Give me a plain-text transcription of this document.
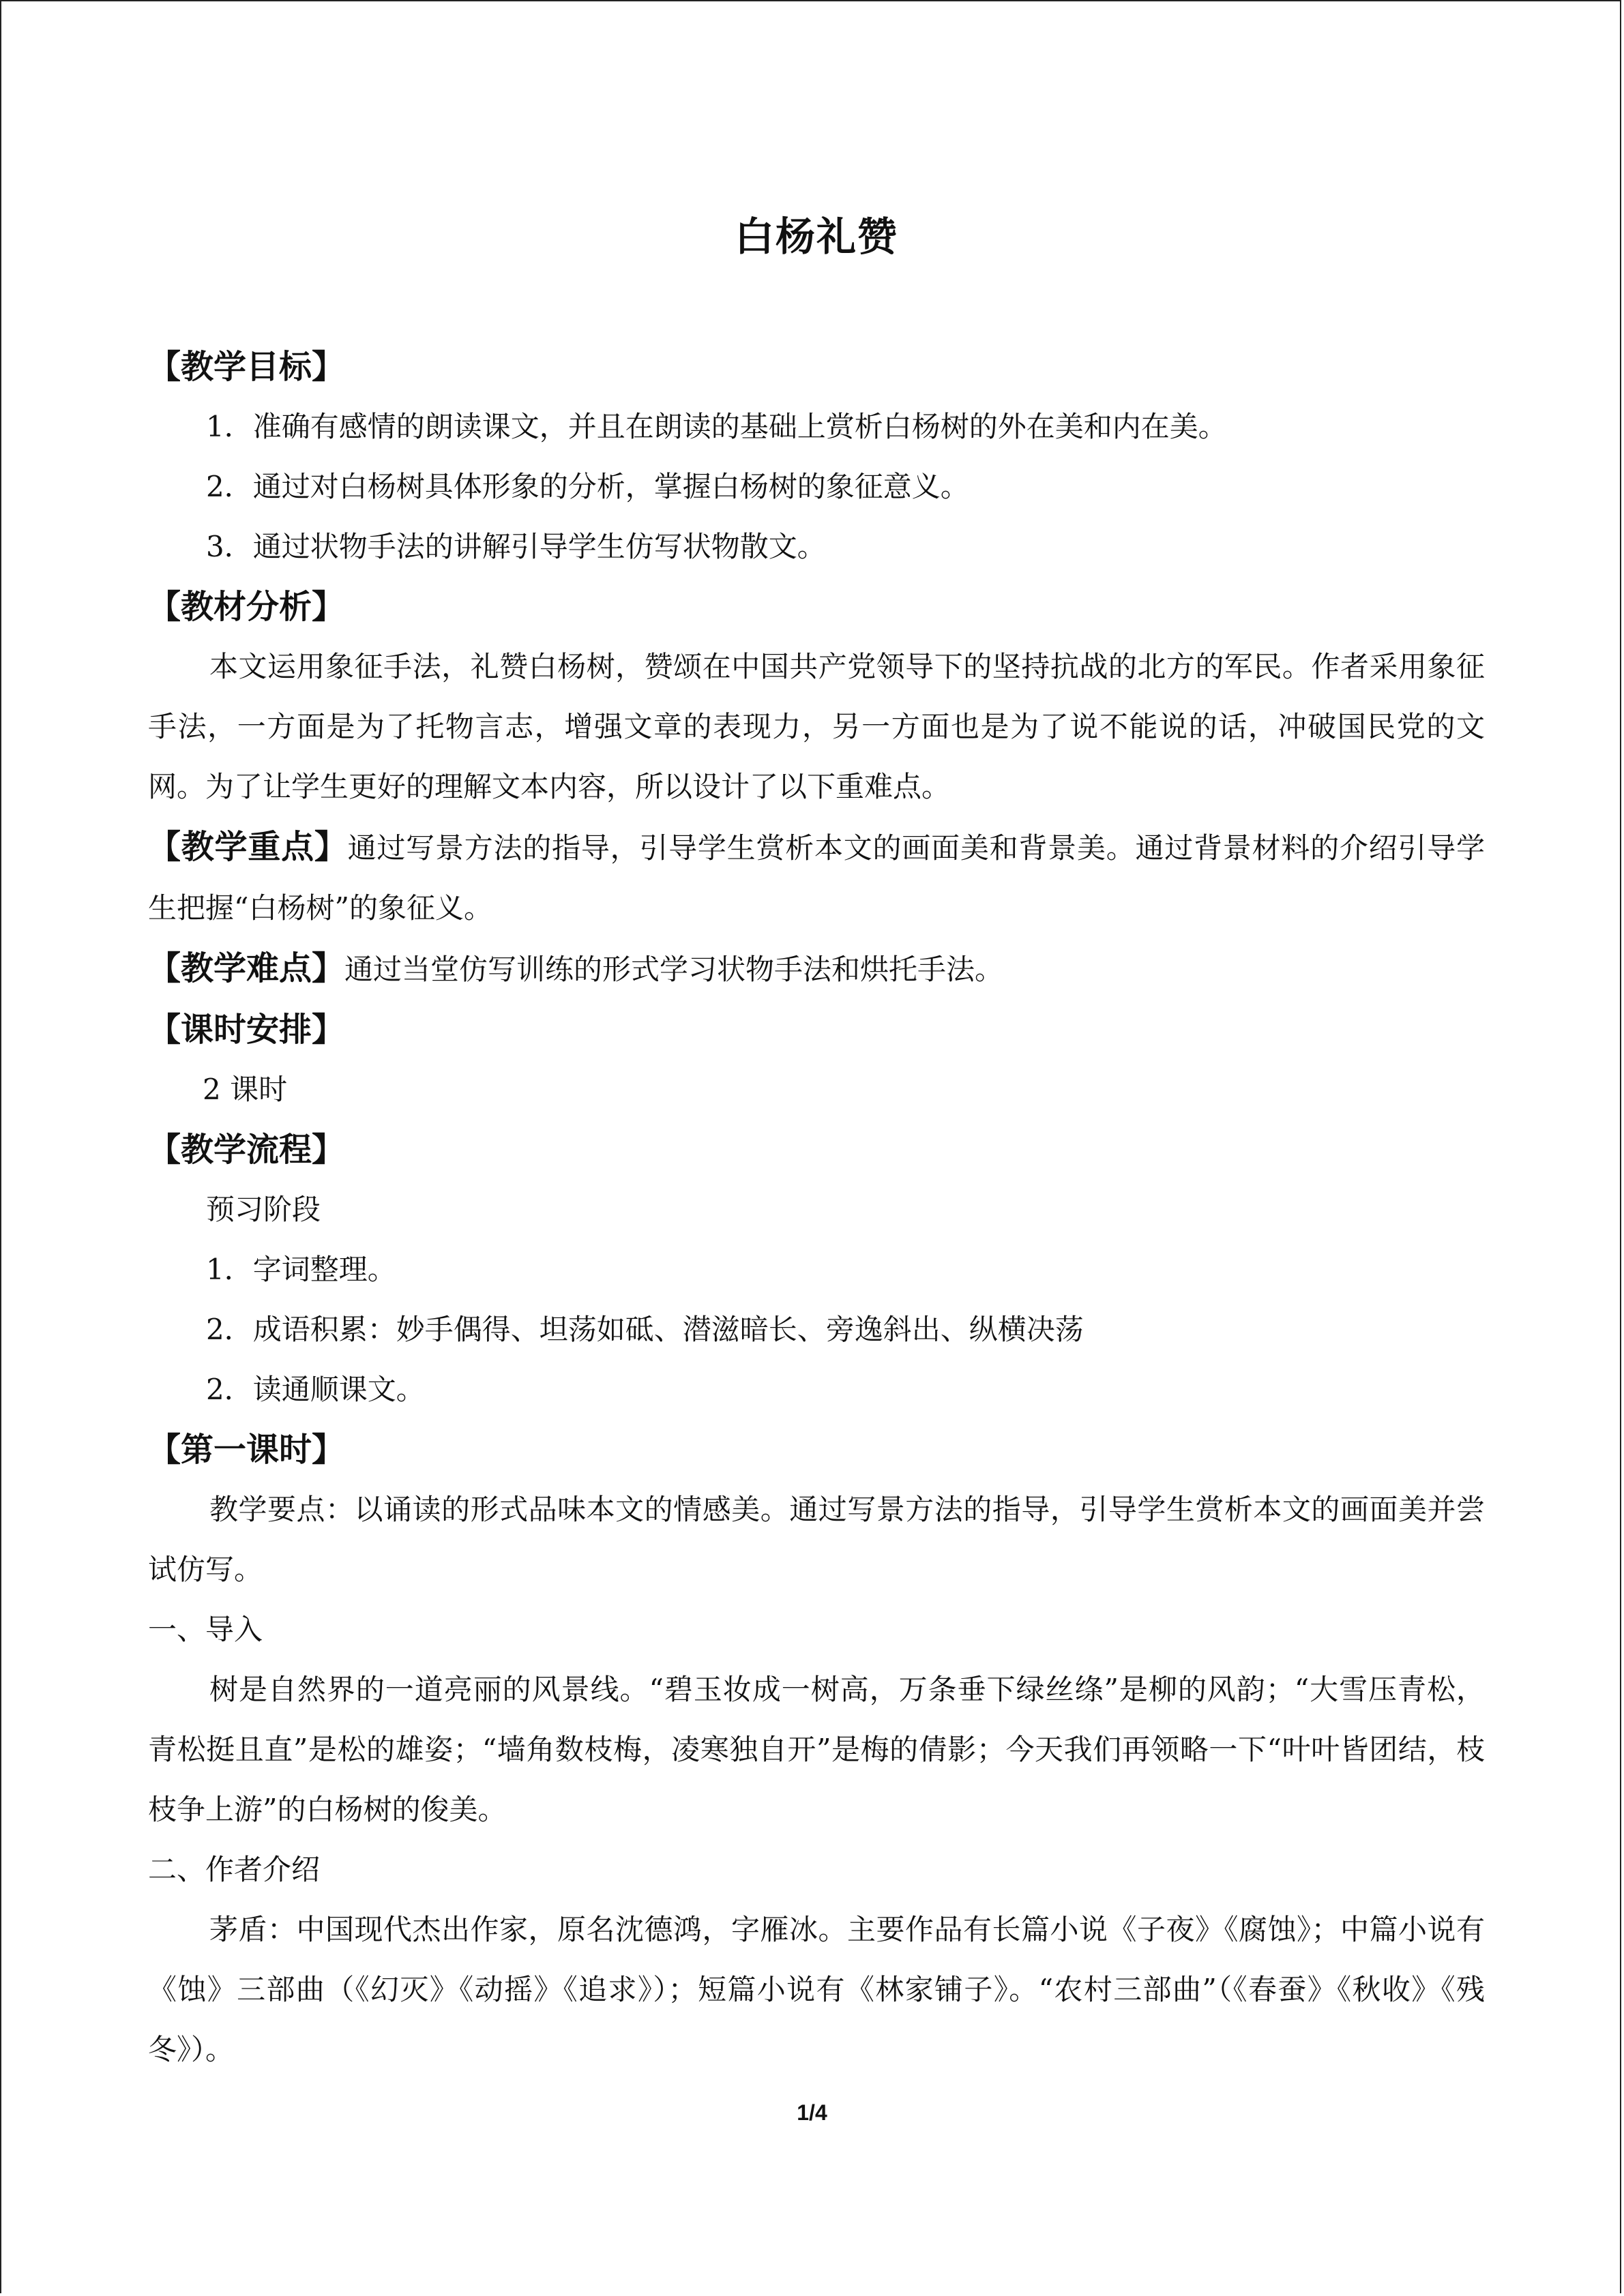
白杨礼赞
【教学目标】
1．准确有感情的朗读课文，并且在朗读的基础上赏析白杨树的外在美和内在美。
2．通过对白杨树具体形象的分析，掌握白杨树的象征意义。
3．通过状物手法的讲解引导学生仿写状物散文。
【教材分析】

本文运用象征手法，礼赞白杨树，赞颂在中国共产党领导下的坚持抗战的北方的军民。作者采用象征手法，一方面是为了托物言志，增强文章的表现力，另一方面也是为了说不能说的话，冲破国民党的文网。为了让学生更好的理解文本内容，所以设计了以下重难点。

【教学重点】通过写景方法的指导，引导学生赏析本文的画面美和背景美。通过背景材料的介绍引导学生把握“白杨树”的象征义。

【教学难点】通过当堂仿写训练的形式学习状物手法和烘托手法。

【课时安排】
2 课时
【教学流程】
预习阶段
1．字词整理。
2．成语积累：妙手偶得、坦荡如砥、潜滋暗长、旁逸斜出、纵横决荡
2．读通顺课文。
【第一课时】

教学要点：以诵读的形式品味本文的情感美。通过写景方法的指导，引导学生赏析本文的画面美并尝试仿写。

一、导入

树是自然界的一道亮丽的风景线。“碧玉妆成一树高，万条垂下绿丝绦”是柳的风韵；“大雪压青松，青松挺且直”是松的雄姿；“墙角数枝梅，凌寒独自开”是梅的倩影；今天我们再领略一下“叶叶皆团结，枝枝争上游”的白杨树的俊美。

二、作者介绍

茅盾：中国现代杰出作家，原名沈德鸿，字雁冰。主要作品有长篇小说《子夜》《腐蚀》；中篇小说有《蚀》三部曲（《幻灭》《动摇》《追求》）；短篇小说有《林家铺子》。“农村三部曲”（《春蚕》《秋收》《残冬》）。

1/4
